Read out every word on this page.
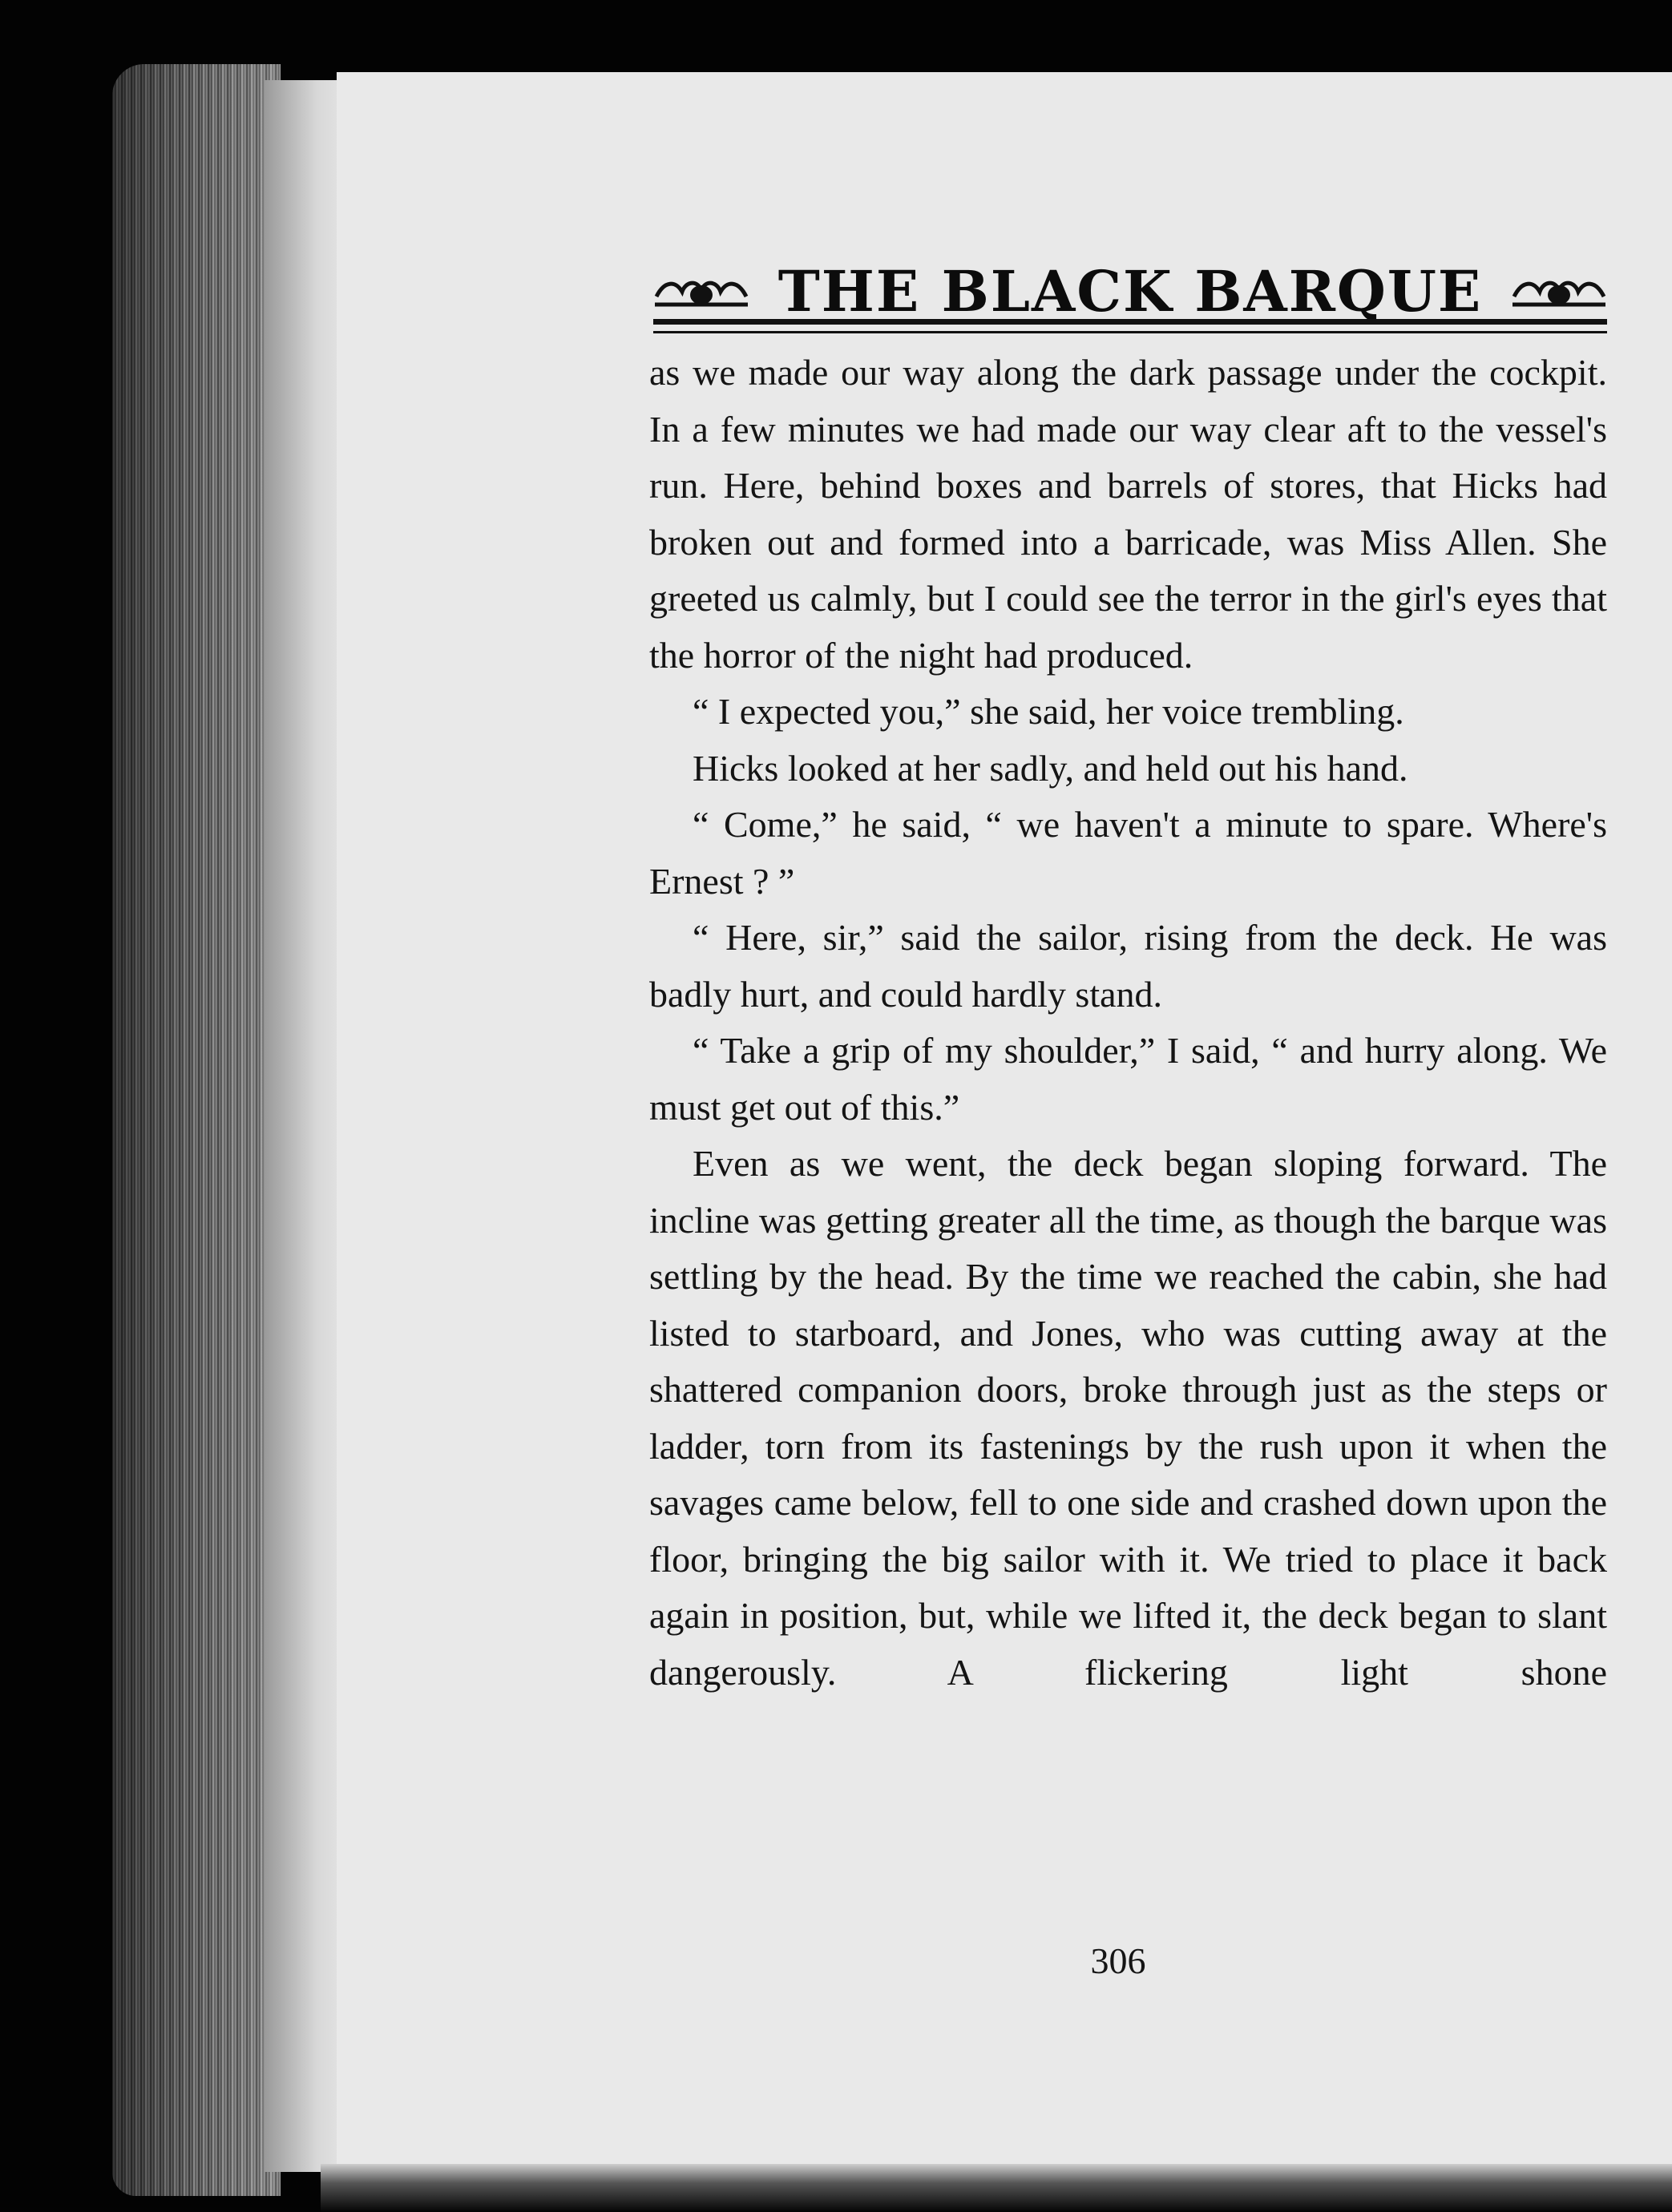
THE BLACK BARQUE

as we made our way along the dark passage under the cockpit. In a few minutes we had made our way clear aft to the vessel's run. Here, behind boxes and barrels of stores, that Hicks had broken out and formed into a barricade, was Miss Allen. She greeted us calmly, but I could see the terror in the girl's eyes that the horror of the night had produced.

“ I expected you,” she said, her voice trembling.

Hicks looked at her sadly, and held out his hand.

“ Come,” he said, “ we haven't a minute to spare. Where's Ernest ? ”

“ Here, sir,” said the sailor, rising from the deck. He was badly hurt, and could hardly stand.

“ Take a grip of my shoulder,” I said, “ and hurry along. We must get out of this.”

Even as we went, the deck began sloping forward. The incline was getting greater all the time, as though the barque was settling by the head. By the time we reached the cabin, she had listed to starboard, and Jones, who was cutting away at the shattered companion doors, broke through just as the steps or ladder, torn from its fastenings by the rush upon it when the savages came below, fell to one side and crashed down upon the floor, bringing the big sailor with it. We tried to place it back again in position, but, while we lifted it, the deck began to slant dangerously. A flickering light shone

306
